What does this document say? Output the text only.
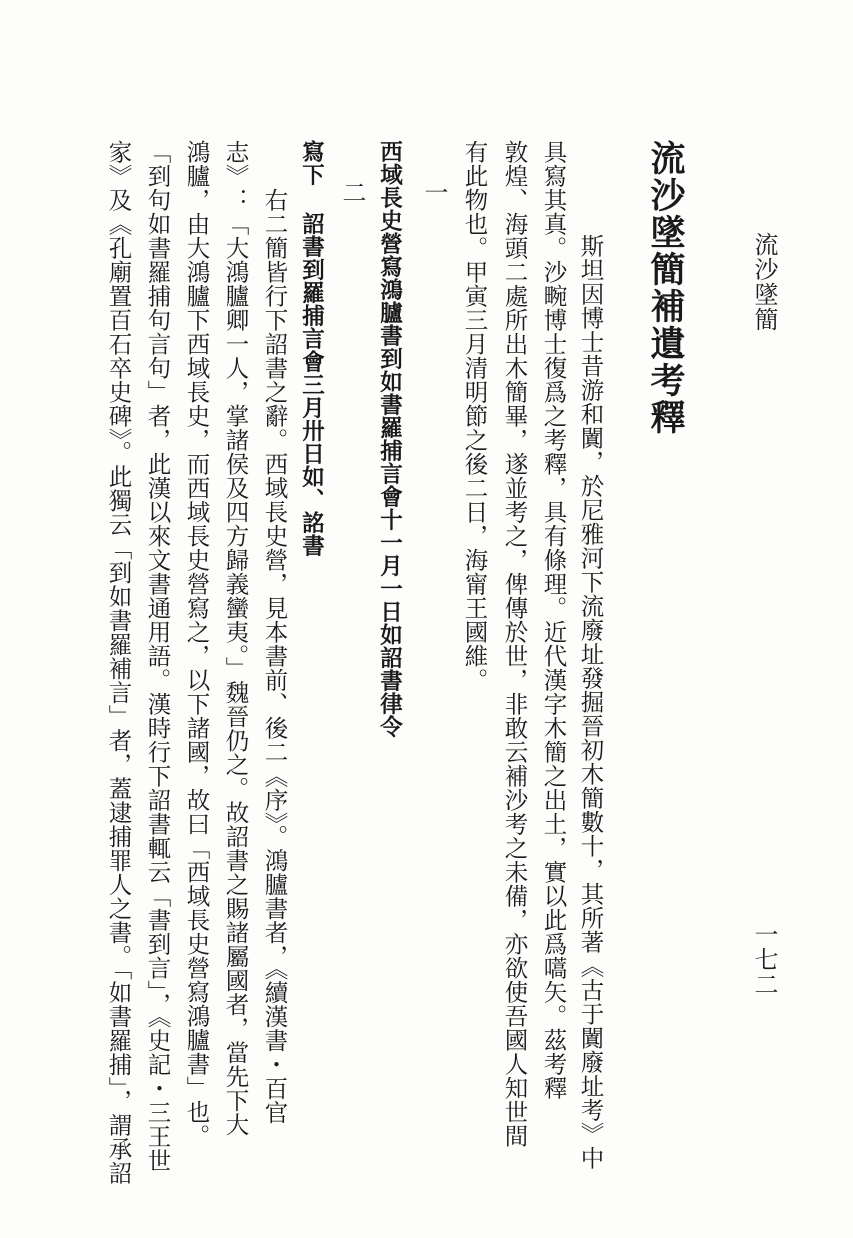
流沙墜簡
一七二
流沙墜簡補遺考釋
斯坦因博士昔游和闐，於尼雅河下流廢址發掘晉初木簡數十，其所著《古于闐廢址考》中
具寫其真。沙畹博士復爲之考釋，具有條理。近代漢字木簡之出土，實以此爲嚆矢。茲考釋
敦煌、海頭二處所出木簡畢，遂並考之，俾傳於世，非敢云補沙考之未備，亦欲使吾國人知世間
有此物也。甲寅三月清明節之後二日，海甯王國維。
一
西域長史營寫鴻臚書到如書羅捕言會十一月一日如詔書律令
二
詔書到羅捕言會三月卅日如、詺書
寫下
右二簡皆行下詔書之辭。西域長史營，見本書前、後二《序》。鴻臚書者，《續漢書・百官
志》：「大鴻臚卿一人，掌諸侯及四方歸義蠻夷。」魏晉仍之。故詔書之賜諸屬國者，當先下大
鴻臚，由大鴻臚下西域長史，而西域長史營寫之，以下諸國，故曰「西域長史營寫鴻臚書」也。
「到句如書羅捕句言句」者，此漢以來文書通用語。漢時行下詔書輒云「書到言」，《史記・三王世
家》及《孔廟置百石卒史碑》。此獨云「到如書羅補言」者，蓋逮捕罪人之書。「如書羅捕」，謂承詔
